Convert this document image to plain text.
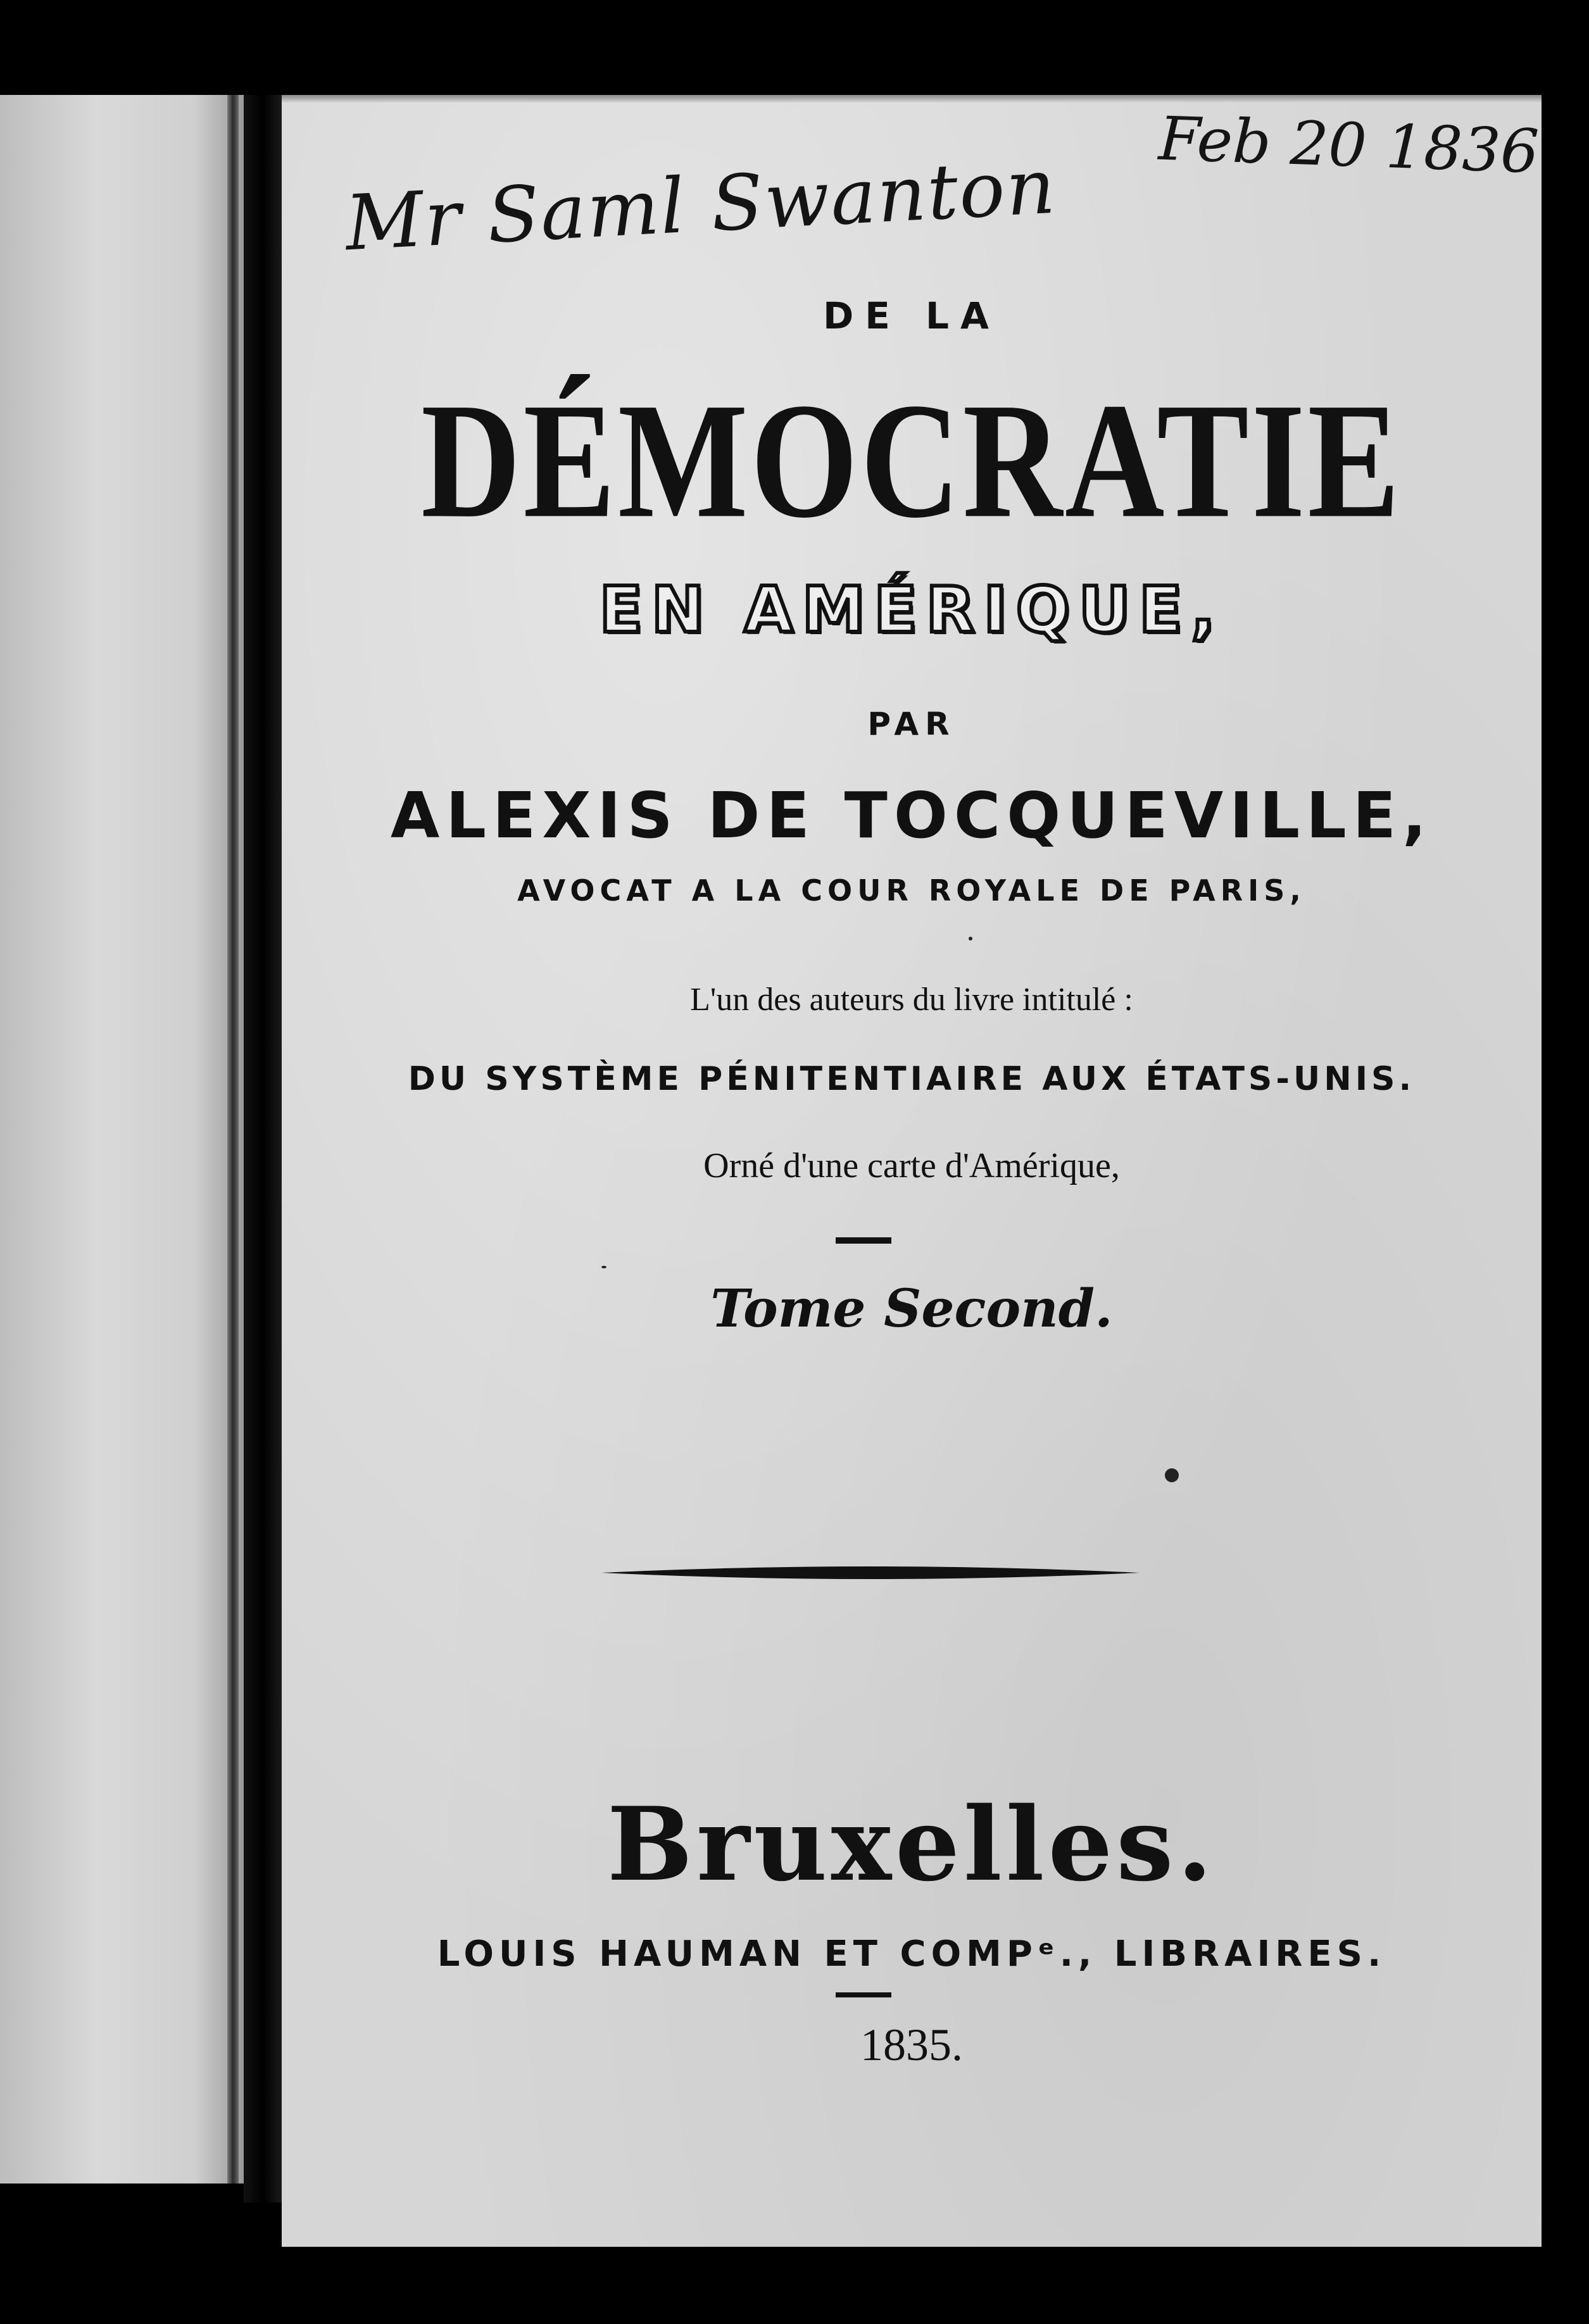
Mr Saml Swanton Feb 20 1836
DE LA
DÉMOCRATIE
EN AMÉRIQUE,
PAR
ALEXIS DE TOCQUEVILLE,
AVOCAT A LA COUR ROYALE DE PARIS,
L'un des auteurs du livre intitulé :
DU SYSTÈME PÉNITENTIAIRE AUX ÉTATS-UNIS.
Orné d'une carte d'Amérique,
Tome Second.
Bruxelles.
LOUIS HAUMAN ET COMPᵉ., LIBRAIRES.
1835.
